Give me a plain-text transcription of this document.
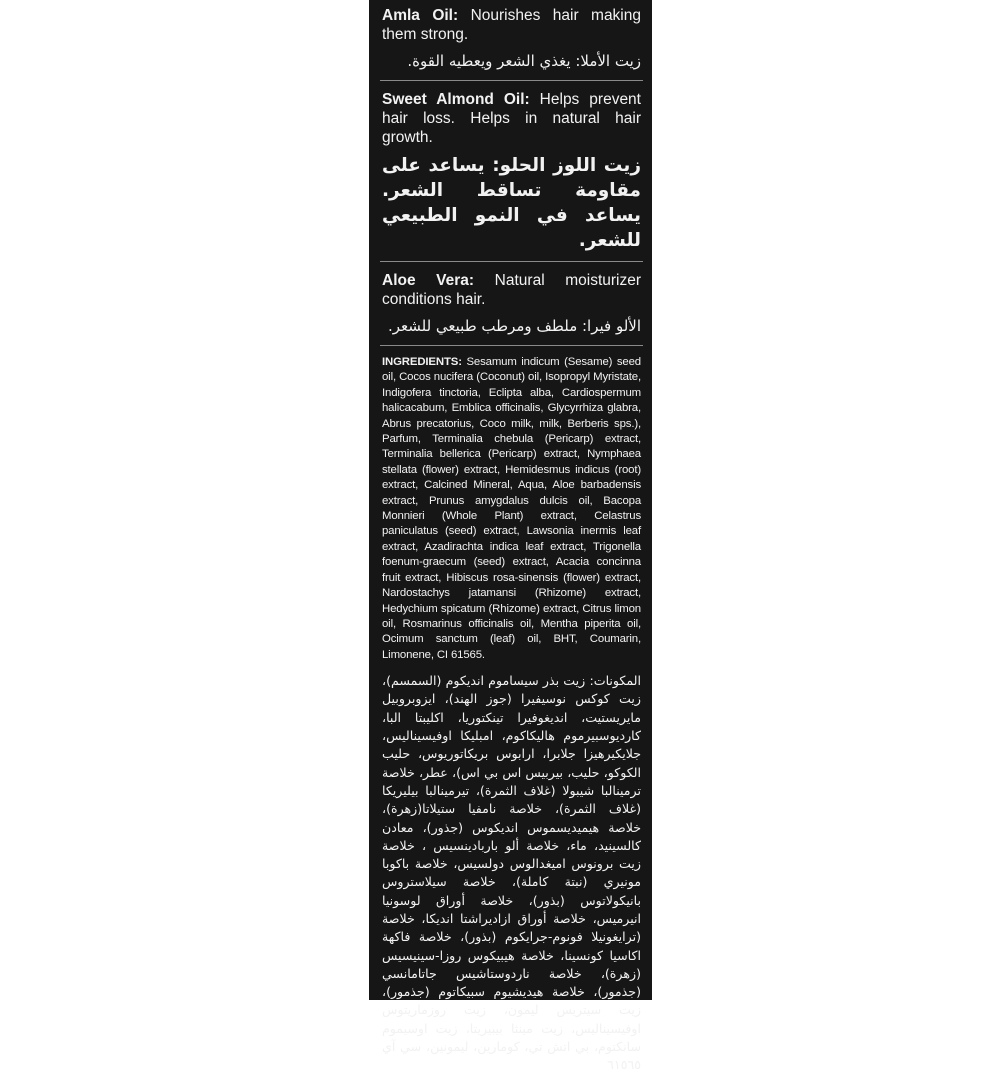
Amla Oil: Nourishes hair making them strong.
زيت الأملا: يغذي الشعر ويعطيه القوة.
Sweet Almond Oil: Helps prevent hair loss. Helps in natural hair growth.
زيت اللوز الحلو: يساعد على مقاومة تساقط الشعر. يساعد في النمو الطبيعي للشعر.
Aloe Vera: Natural moisturizer conditions hair.
الألو فيرا: ملطف ومرطب طبيعي للشعر.
INGREDIENTS: Sesamum indicum (Sesame) seed oil, Cocos nucifera (Coconut) oil, Isopropyl Myristate, Indigofera tinctoria, Eclipta alba, Cardiospermum halicacabum, Emblica officinalis, Glycyrrhiza glabra, Abrus precatorius, Coco milk, milk, Berberis sps.), Parfum, Terminalia chebula (Pericarp) extract, Terminalia bellerica (Pericarp) extract, Nymphaea stellata (flower) extract, Hemidesmus indicus (root) extract, Calcined Mineral, Aqua, Aloe barbadensis extract, Prunus amygdalus dulcis oil, Bacopa Monnieri (Whole Plant) extract, Celastrus paniculatus (seed) extract, Lawsonia inermis leaf extract, Azadirachta indica leaf extract, Trigonella foenum-graecum (seed) extract, Acacia concinna fruit extract, Hibiscus rosa-sinensis (flower) extract, Nardostachys jatamansi (Rhizome) extract, Hedychium spicatum (Rhizome) extract, Citrus limon oil, Rosmarinus officinalis oil, Mentha piperita oil, Ocimum sanctum (leaf) oil, BHT, Coumarin, Limonene, CI 61565.
المكونات: زيت بذر سيساموم انديكوم (السمسم)، زيت كوكس نوسيفيرا (جوز الهند)، ايزوبروبيل مايريستيت، انديغوفيرا تينكتوريا، اكليبتا البا، كارديوسبيرموم هاليكاكوم، امبليكا اوفيسيناليس، جلايكيرهيزا جلابرا، ارابوس بريكاتوريوس، حليب الكوكو، حليب، بيربيس اس بي اس)، عطر، خلاصة ترمينالبا شيبولا (غلاف الثمرة)، تيرمينالبا بيليريكا (غلاف الثمرة)، خلاصة نامفيا ستيلاتا(زهرة)، خلاصة هيميديسموس انديكوس (جذور)، معادن كالسينيد، ماء، خلاصة ألو باربادينسيس ، خلاصة زيت برونوس اميغدالوس دولسيس، خلاصة باكوبا مونيري (نبتة كاملة)، خلاصة سيلاستروس بانيكولاتوس (بذور)، خلاصة أوراق لوسونيا انيرميس، خلاصة أوراق ازاديراشتا انديكا، خلاصة (ترايغونيلا فونوم-جرايكوم (بذور)، خلاصة فاكهة اكاسيا كونسينا، خلاصة هيبيكوس روزا-سينيسيس (زهرة)، خلاصة ناردوستاشيس جاتامانسي (جذمور)، خلاصة هيديشيوم سبيكاتوم (جذمور)، زيت سيتريس ليمون، زيت روزماريتوس اوفيسيناليس، زيت مينثا بيبيريتا، زيت اوسيموم سانكتوم، بي اتش تي، كومارين، ليمونين، سي آي ٦١٥٦٥
